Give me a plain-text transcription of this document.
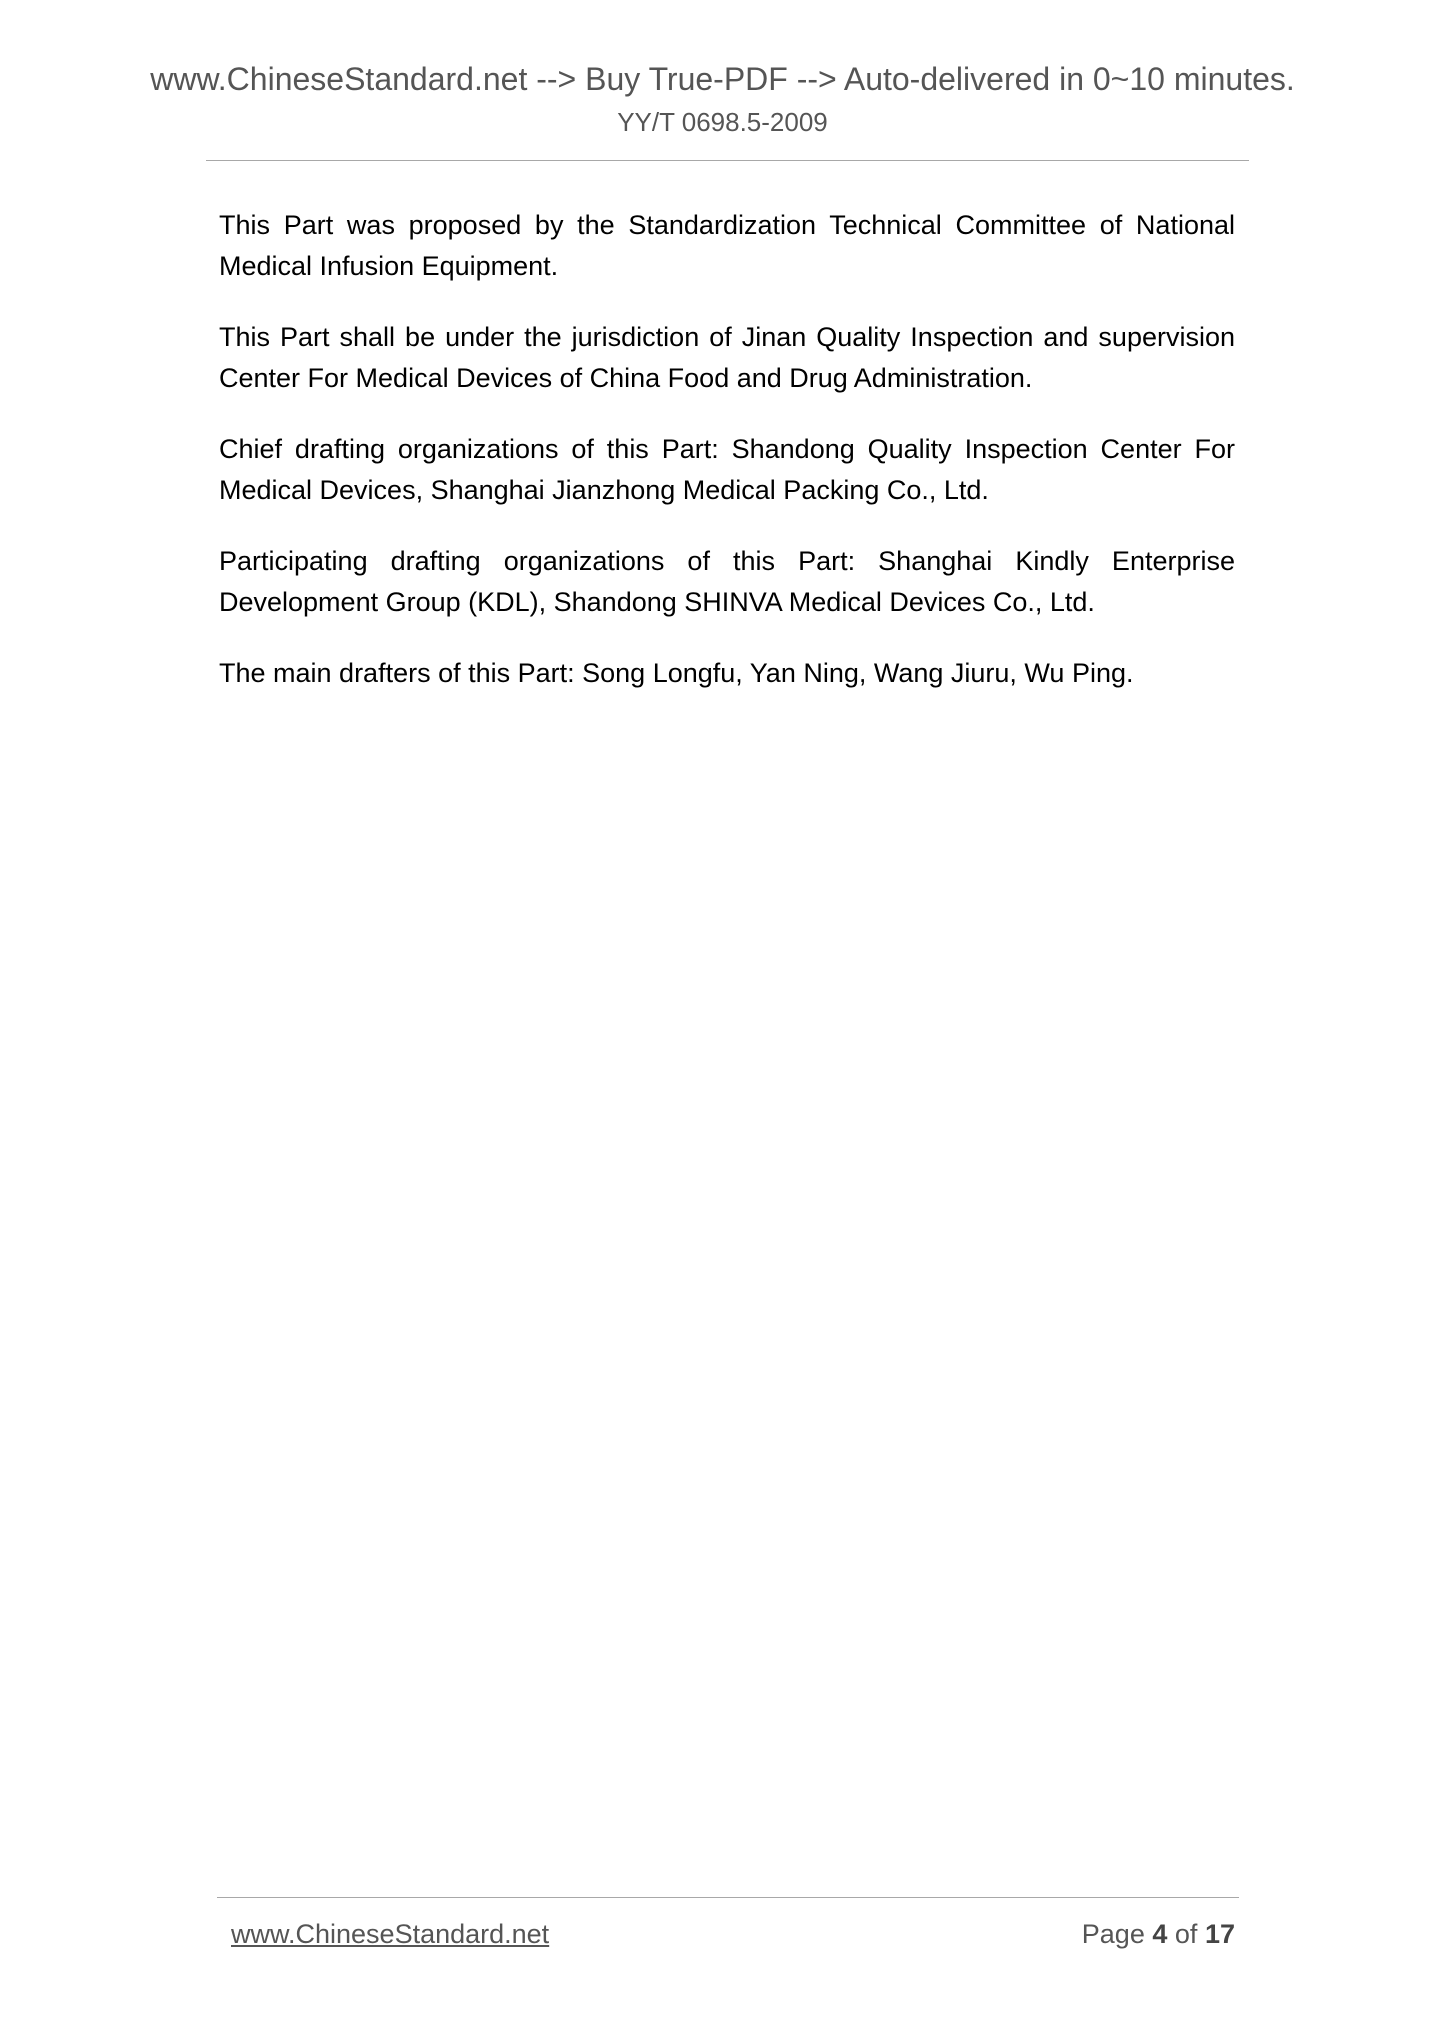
www.ChineseStandard.net --> Buy True-PDF --> Auto-delivered in 0~10 minutes.
YY/T 0698.5-2009
This Part was proposed by the Standardization Technical Committee of National
Medical Infusion Equipment.
This Part shall be under the jurisdiction of Jinan Quality Inspection and supervision
Center For Medical Devices of China Food and Drug Administration.
Chief drafting organizations of this Part: Shandong Quality Inspection Center For
Medical Devices, Shanghai Jianzhong Medical Packing Co., Ltd.
Participating drafting organizations of this Part: Shanghai Kindly Enterprise
Development Group (KDL), Shandong SHINVA Medical Devices Co., Ltd.
The main drafters of this Part: Song Longfu, Yan Ning, Wang Jiuru, Wu Ping.
www.ChineseStandard.net	Page 4 of 17
